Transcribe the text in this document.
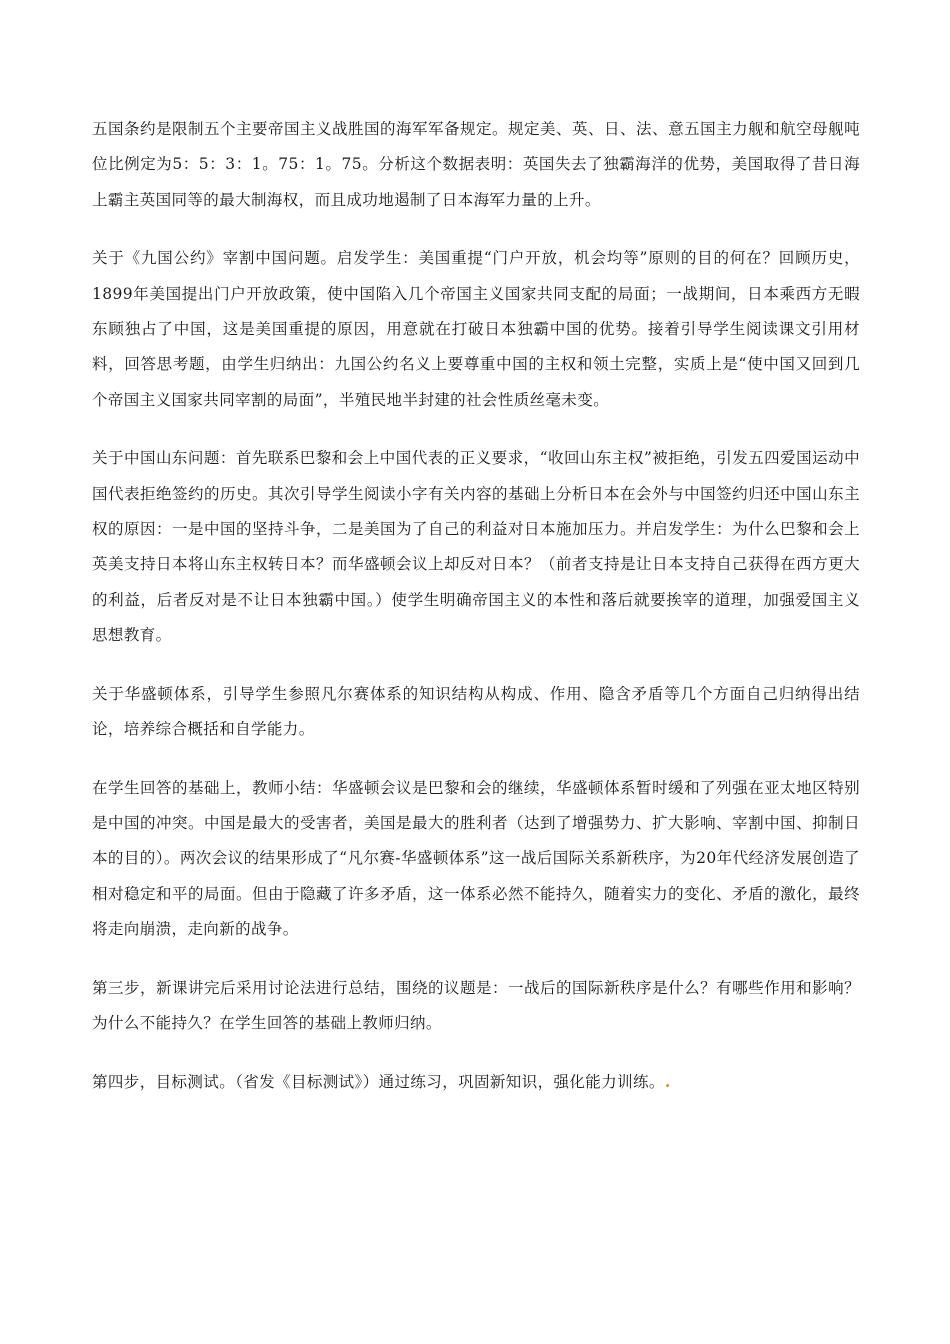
五国条约是限制五个主要帝国主义战胜国的海军军备规定。规定美、英、日、法、意五国主力舰和航空母舰吨位比例定为5：5：3：1。75：1。75。分析这个数据表明：英国失去了独霸海洋的优势，美国取得了昔日海上霸主英国同等的最大制海权，而且成功地遏制了日本海军力量的上升。

关于《九国公约》宰割中国问题。启发学生：美国重提“门户开放，机会均等”原则的目的何在？回顾历史，1899年美国提出门户开放政策，使中国陷入几个帝国主义国家共同支配的局面；一战期间，日本乘西方无暇东顾独占了中国，这是美国重提的原因，用意就在打破日本独霸中国的优势。接着引导学生阅读课文引用材料，回答思考题，由学生归纳出：九国公约名义上要尊重中国的主权和领土完整，实质上是“使中国又回到几个帝国主义国家共同宰割的局面”，半殖民地半封建的社会性质丝毫未变。

关于中国山东问题：首先联系巴黎和会上中国代表的正义要求，“收回山东主权”被拒绝，引发五四爱国运动中国代表拒绝签约的历史。其次引导学生阅读小字有关内容的基础上分析日本在会外与中国签约归还中国山东主权的原因：一是中国的坚持斗争，二是美国为了自己的利益对日本施加压力。并启发学生：为什么巴黎和会上英美支持日本将山东主权转日本？而华盛顿会议上却反对日本？（前者支持是让日本支持自己获得在西方更大的利益，后者反对是不让日本独霸中国。）使学生明确帝国主义的本性和落后就要挨宰的道理，加强爱国主义思想教育。

关于华盛顿体系，引导学生参照凡尔赛体系的知识结构从构成、作用、隐含矛盾等几个方面自己归纳得出结论，培养综合概括和自学能力。

在学生回答的基础上，教师小结：华盛顿会议是巴黎和会的继续，华盛顿体系暂时缓和了列强在亚太地区特别是中国的冲突。中国是最大的受害者，美国是最大的胜利者（达到了增强势力、扩大影响、宰割中国、抑制日本的目的）。两次会议的结果形成了“凡尔赛-华盛顿体系”这一战后国际关系新秩序，为20年代经济发展创造了相对稳定和平的局面。但由于隐藏了许多矛盾，这一体系必然不能持久，随着实力的变化、矛盾的激化，最终将走向崩溃，走向新的战争。

第三步，新课讲完后采用讨论法进行总结，围绕的议题是：一战后的国际新秩序是什么？有哪些作用和影响？为什么不能持久？在学生回答的基础上教师归纳。

第四步，目标测试。（省发《目标测试》）通过练习，巩固新知识，强化能力训练。.
